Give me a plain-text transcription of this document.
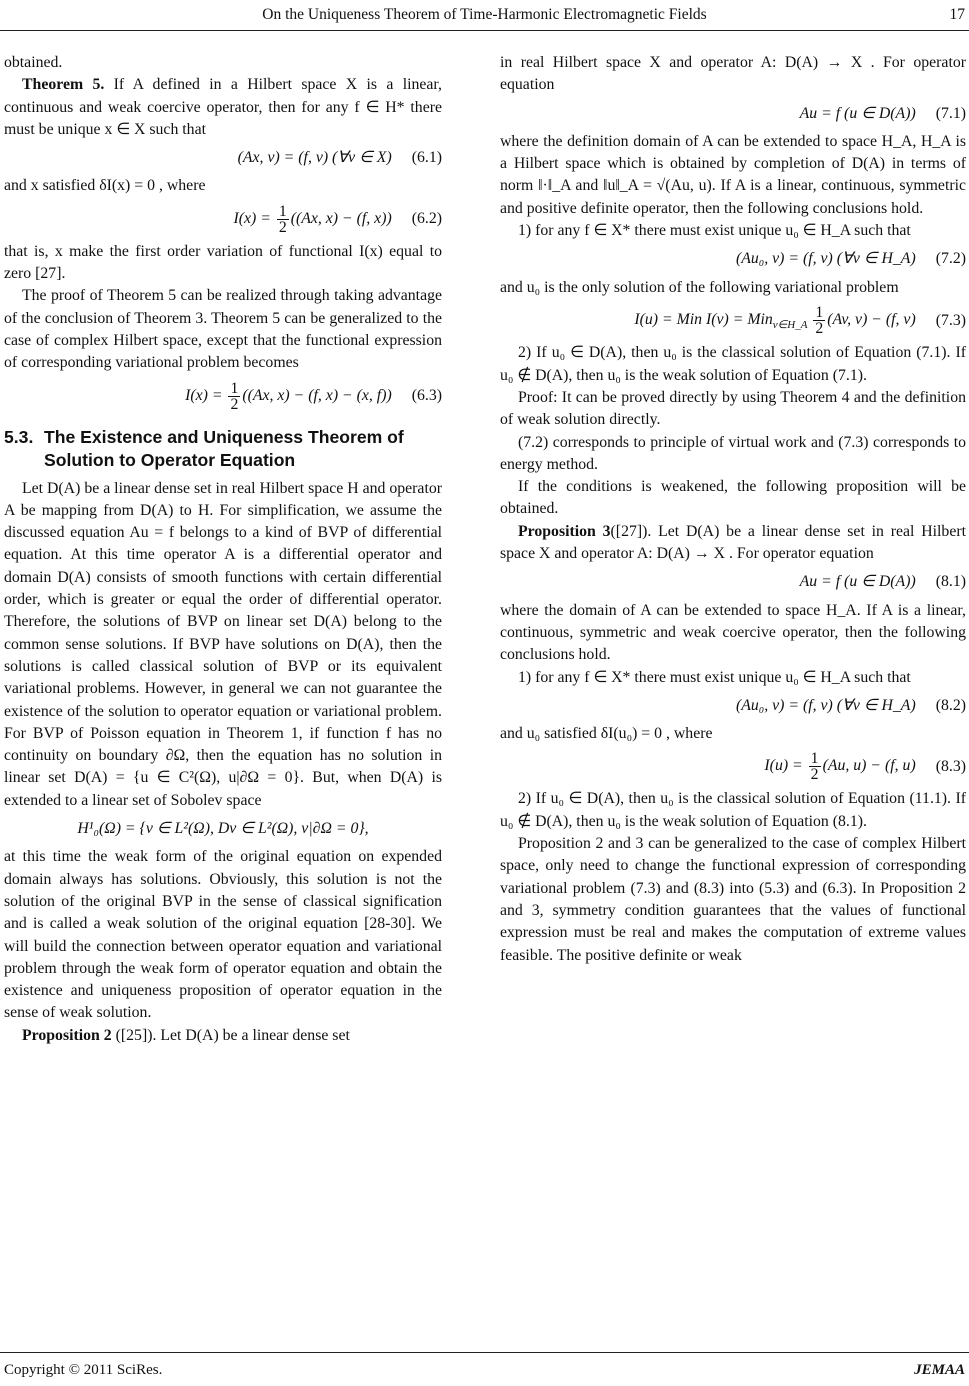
On the Uniqueness Theorem of Time-Harmonic Electromagnetic Fields	17

obtained.

Theorem 5. If A defined in a Hilbert space X is a linear, continuous and weak coercive operator, then for any f ∈ H* there must be unique x ∈ X such that

(Ax, v) = (f, v) (∀v ∈ X) (6.1)

and x satisfied δI(x) = 0 , where

$I(x) = \frac{1}{2} ((Ax$, x) − (f, x)) (6.2)

that is, x make the first order variation of functional I(x) equal to zero [27].

The proof of Theorem 5 can be realized through taking advantage of the conclusion of Theorem 3. Theorem 5 can be generalized to the case of complex Hilbert space, except that the functional expression of corresponding variational problem becomes

$I(x) = \frac{1}{2} ((Ax$, x) − (f, x) − (x, f)) (6.3)
5.3. The Existence and Uniqueness Theorem of
Solution to Operator Equation

Let D(A) be a linear dense set in real Hilbert space H and operator A be mapping from D(A) to H. For simplification, we assume the discussed equation Au = f belongs to a kind of BVP of differential equation. At this time operator A is a differential operator and domain D(A) consists of smooth functions with certain differential order, which is greater or equal the order of differential operator. Therefore, the solutions of BVP on linear set D(A) belong to the common sense solutions. If BVP have solutions on D(A), then the solutions is called classical solution of BVP or its equivalent variational problems. However, in general we can not guarantee the existence of the solution to operator equation or variational problem. For BVP of Poisson equation in Theorem 1, if function f has no continuity on boundary ∂Ω, then the equation has no solution in linear set D(A) = {u ∈ C²(Ω), u|∂Ω = 0}. But, when D(A) is extended to a linear set of Sobolev space

H¹₀(Ω) = {v ∈ L²(Ω), Dv ∈ L²(Ω), v|∂Ω = 0},

at this time the weak form of the original equation on expended domain always has solutions. Obviously, this solution is not the solution of the original BVP in the sense of classical signification and is called a weak solution of the original equation [28-30]. We will build the connection between operator equation and variational problem through the weak form of operator equation and obtain the existence and uniqueness proposition of operator equation in the sense of weak solution.

Proposition 2 ([25]). Let D(A) be a linear dense set

in real Hilbert space X and operator A: D(A) → X . For operator equation

Au = f (u ∈ D(A)) (7.1)

where the definition domain of A can be extended to space H_A, H_A is a Hilbert space which is obtained by completion of D(A) in terms of norm ‖·‖_A and ‖u‖_A = √(Au, u). If A is a linear, continuous, symmetric and positive definite operator, then the following conclusions hold.

1) for any f ∈ X* there must exist unique u₀ ∈ H_A such that

(Au₀, v) = (f, v) (∀v ∈ H_A) (7.2)

and u₀ is the only solution of the following variational problem

I(u) = Min $I(v) = Min_{v\in H\_A} \frac{1}{2} (Av$, v) − (f, v) (7.3)

2) If u₀ ∈ D(A), then u₀ is the classical solution of Equation (7.1). If u₀ ∉ D(A), then u₀ is the weak solution of Equation (7.1).

Proof: It can be proved directly by using Theorem 4 and the definition of weak solution directly.

(7.2) corresponds to principle of virtual work and (7.3) corresponds to energy method.

If the conditions is weakened, the following proposition will be obtained.

Proposition 3([27]). Let D(A) be a linear dense set in real Hilbert space X and operator A: D(A) → X . For operator equation

Au = f (u ∈ D(A)) (8.1)

where the domain of A can be extended to space H_A. If A is a linear, continuous, symmetric and weak coercive operator, then the following conclusions hold.

1) for any f ∈ X* there must exist unique u₀ ∈ H_A such that

(Au₀, v) = (f, v) (∀v ∈ H_A) (8.2)

and u₀ satisfied δI(u₀) = 0 , where

$I(u) = \frac{1}{2} (Au$, u) − (f, u) (8.3)

2) If u₀ ∈ D(A), then u₀ is the classical solution of Equation (11.1). If u₀ ∉ D(A), then u₀ is the weak solution of Equation (8.1).

Proposition 2 and 3 can be generalized to the case of complex Hilbert space, only need to change the functional expression of corresponding variational problem (7.3) and (8.3) into (5.3) and (6.3). In Proposition 2 and 3, symmetry condition guarantees that the values of functional expression must be real and makes the computation of extreme values feasible. The positive definite or weak

Copyright © 2011 SciRes.	JEMAA
